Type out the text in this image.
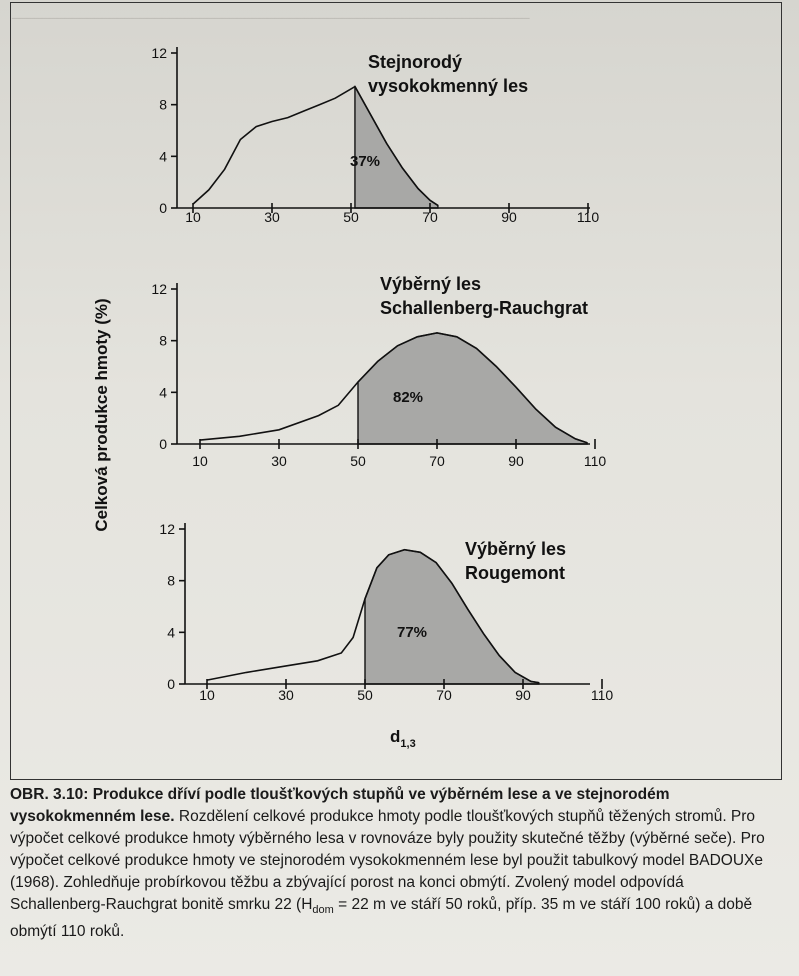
_____________________________________________________________________
Celková produkce hmoty (%)
0
4
8
12
10	30	50	70	90	110
Stejnorodý
vysokokmenný les
37%
0
4
8
12
10	30	50	70	90	110
Výběrný les
Schallenberg-Rauchgrat
82%
0
4
8
12
10	30	50	70	90	110
Výběrný les
Rougemont
77%
$d_{1,3}$
OBR. 3.10: Produkce dříví podle tloušťkových stupňů ve výběrném lese a ve stejnorodém vysokokmenném lese. Rozdělení celkové produkce hmoty podle tloušťkových stupňů těžených stromů. Pro výpočet celkové produkce hmoty výběrného lesa v rovnováze byly použity skutečné těžby (výběrné seče). Pro výpočet celkové produkce hmoty ve stejnorodém vysokokmenném lese byl použit tabulkový model BADOUXe (1968). Zohledňuje probírkovou těžbu a zbývající porost na konci obmýtí. Zvolený model odpovídá Schallenberg-Rauchgrat bonitě smrku 22 ($H_{dom} = 22$ m ve stáří 50 roků, příp. 35 m ve stáří 100 roků) a době obmýtí 110 roků.
